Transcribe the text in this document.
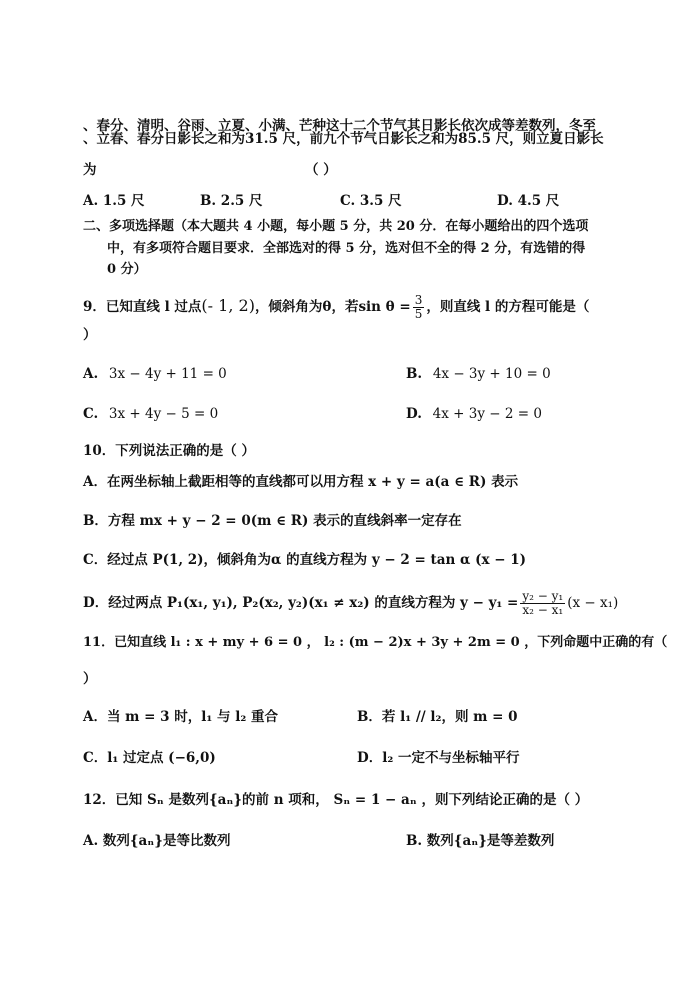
、春分、清明、谷雨、立夏、小满、芒种这十二个节气其日影长依次成等差数列，冬至
、立春、春分日影长之和为31.5 尺，前九个节气日影长之和为85.5 尺，则立夏日影长
为	（ ）
A. 1.5 尺	B. 2.5 尺	C. 3.5 尺	D. 4.5 尺
二、多项选择题（本大题共 4 小题，每小题 5 分，共 20 分．在每小题给出的四个选项
中，有多项符合题目要求．全部选对的得 5 分，选对但不全的得 2 分，有选错的得
0 分）
9．已知直线 l 过点(- 1, 2)，倾斜角为θ，若$\sin \theta = \frac{3}{5}$ ，则直线 l 的方程可能是（
）
A. 3x − 4y + 11 = 0	B. 4x − 3y + 10 = 0
C. 3x + 4y − 5 = 0	D. 4x + 3y − 2 = 0
10．下列说法正确的是（ ）
A．在两坐标轴上截距相等的直线都可以用方程 x + y = a(a ∈ R) 表示
B．方程 mx + y − 2 = 0(m ∈ R) 表示的直线斜率一定存在
C．经过点 P(1, 2)，倾斜角为α 的直线方程为 y − 2 = tan α (x − 1)
D．经过两点 P₁(x₁, y₁), P₂(x₂, y₂)(x₁ ≠ x₂) 的直线方程为 $y - y_1 = \frac{\text{y₂ − y₁}}{\text{x₂ − x₁}} (x - x_1)$
11．已知直线 l₁ : x + my + 6 = 0 ， l₂ : (m − 2)x + 3y + 2m = 0 ，下列命题中正确的有（
）
A．当 m = 3 时，l₁ 与 l₂ 重合	B．若 l₁ // l₂，则 m = 0
C．l₁ 过定点 (−6,0)	D．l₂ 一定不与坐标轴平行
12．已知 Sₙ 是数列{aₙ}的前 n 项和， Sₙ = 1 − aₙ ，则下列结论正确的是（ ）
A. 数列{aₙ}是等比数列	B. 数列{aₙ}是等差数列
